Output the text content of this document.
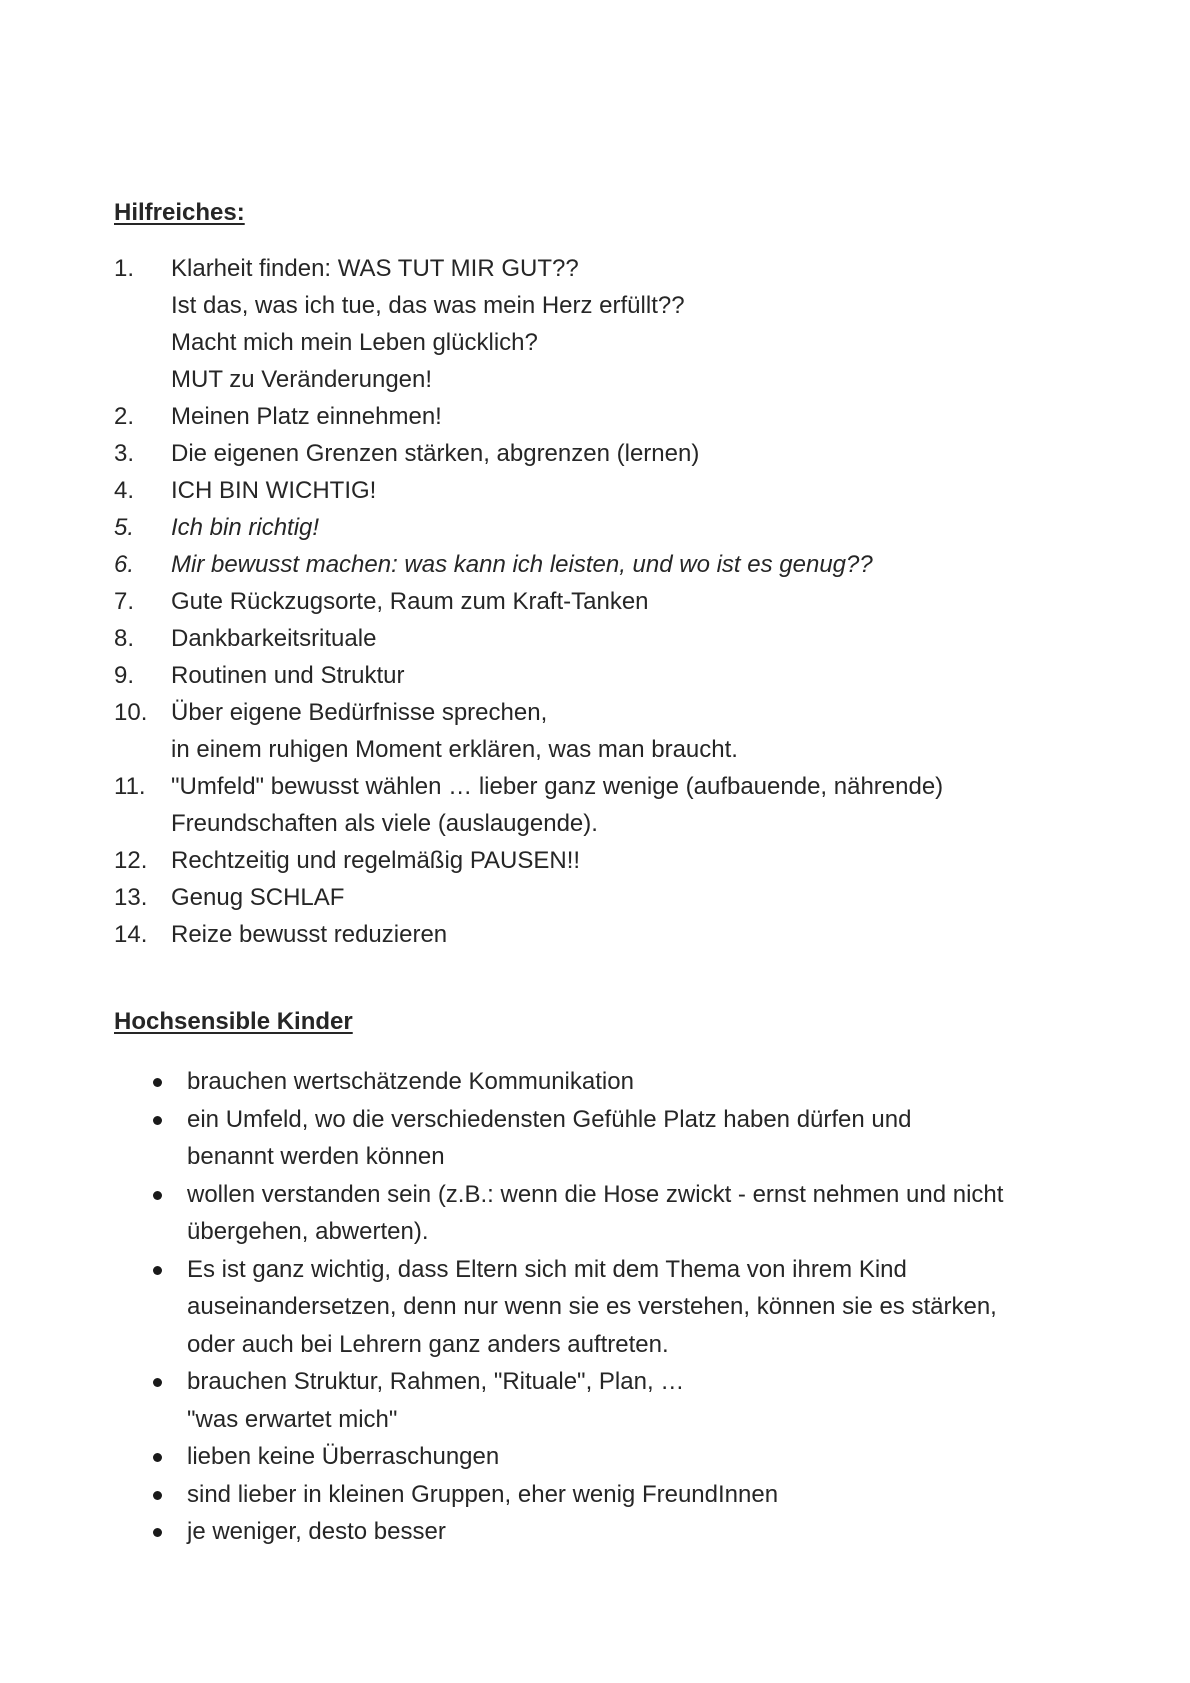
Hilfreiches:
1.	Klarheit finden: WAS TUT MIR GUT??
Ist das, was ich tue, das was mein Herz erfüllt??
Macht mich mein Leben glücklich?
MUT zu Veränderungen!
2.	Meinen Platz einnehmen!
3.	Die eigenen Grenzen stärken, abgrenzen (lernen)
4.	ICH BIN WICHTIG!
5.	Ich bin richtig!
6.	Mir bewusst machen: was kann ich leisten, und wo ist es genug??
7.	Gute Rückzugsorte, Raum zum Kraft-Tanken
8.	Dankbarkeitsrituale
9.	Routinen und Struktur
10. Über eigene Bedürfnisse sprechen,
in einem ruhigen Moment erklären, was man braucht.
11.	"Umfeld" bewusst wählen … lieber ganz wenige (aufbauende, nährende)
Freundschaften als viele (auslaugende).
12. Rechtzeitig und regelmäßig PAUSEN!!
13. Genug SCHLAF
14. Reize bewusst reduzieren
Hochsensible Kinder
brauchen wertschätzende Kommunikation
ein Umfeld, wo die verschiedensten Gefühle Platz haben dürfen und
benannt werden können
wollen verstanden sein (z.B.: wenn die Hose zwickt - ernst nehmen und nicht
übergehen, abwerten).
Es ist ganz wichtig, dass Eltern sich mit dem Thema von ihrem Kind
auseinandersetzen, denn nur wenn sie es verstehen, können sie es stärken,
oder auch bei Lehrern ganz anders auftreten.
brauchen Struktur, Rahmen, "Rituale", Plan, …
"was erwartet mich"
lieben keine Überraschungen
sind lieber in kleinen Gruppen, eher wenig FreundInnen
je weniger, desto besser
